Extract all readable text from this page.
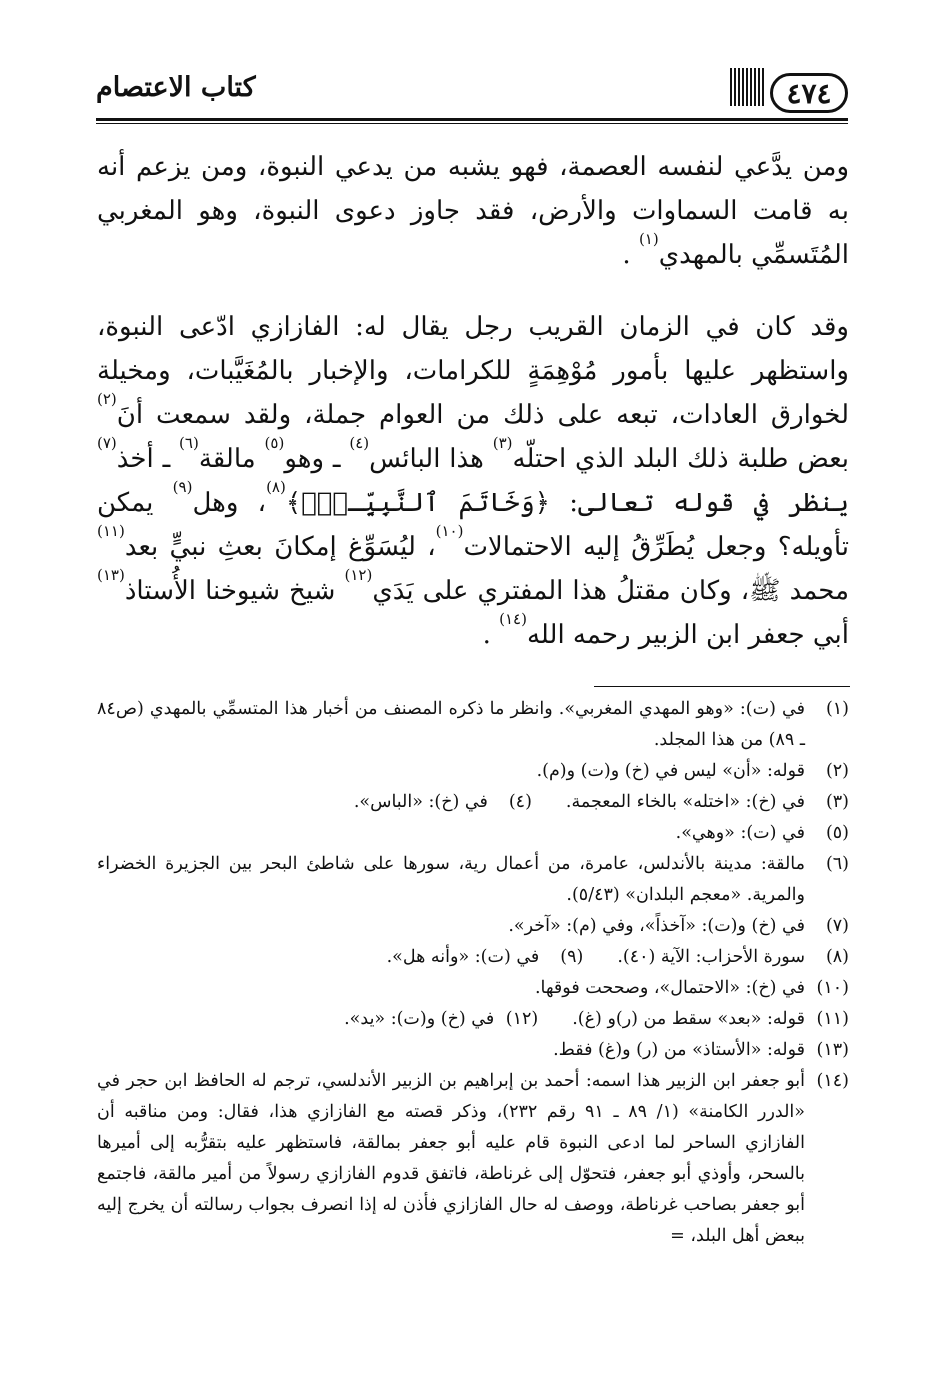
كتاب الاعتصام	٤٧٤

ومن يدَّعي لنفسه العصمة، فهو يشبه من يدعي النبوة، ومن يزعم أنه به قامت السماوات والأرض، فقد جاوز دعوى النبوة، وهو المغربي المُتَسمِّي بالمهدي$^{(١)}$ .

وقد كان في الزمان القريب رجل يقال له: الفازازي ادّعى النبوة، واستظهر عليها بأمور مُوْهِمَةٍ للكرامات، والإخبار بالمُغَيَّبات، ومخيلة لخوارق العادات، تبعه على ذلك من العوام جملة، ولقد سمعت أنَ$^{(٢)}$ بعض طلبة ذلك البلد الذي احتلّه$^{(٣)}$ هذا البائس$^{(٤)}$ ـ وهو$^{(٥)}$ مالقة$^{(٦)}$ ـ أخذ$^{(٧)}$ ينظر في قوله تعالى: ﴿وَخَاتَمَ ٱلنَّبِيِّـنَۗ﴾$^{(٨)}$، وهل$^{(٩)}$ يمكن تأويله؟ وجعل يُطَرِّقُ إليه الاحتمالات$^{(١٠)}$، ليُسَوِّغ إمكانَ بعثِ نبيٍّ بعد$^{(١١)}$ محمد ﷺ، وكان مقتلُ هذا المفتري على يَدَي$^{(١٢)}$ شيخ شيوخنا الأُستاذ$^{(١٣)}$ أبي جعفر ابن الزبير رحمه الله$^{(١٤)}$ .

(١)
في (ت): «وهو المهدي المغربي». وانظر ما ذكره المصنف من أخبار هذا المتسمِّي بالمهدي (ص٨٤ ـ ٨٩) من هذا المجلد.
(٢)
قوله: «أن» ليس في (خ) و(ت) و(م).
(٣)
في (خ): «اختله» بالخاء المعجمة.
(٤)
في (خ): «الباس».
(٥)
في (ت): «وهي».
(٦)
مالقة: مدينة بالأندلس، عامرة، من أعمال رية، سورها على شاطئ البحر بين الجزيرة الخضراء والمرية. «معجم البلدان» (٥/٤٣).
(٧)
في (خ) و(ت): «آخذاً»، وفي (م): «آخر».
(٨)
سورة الأحزاب: الآية (٤٠).
(٩)
في (ت): «وأنه هل».
(١٠)
في (خ): «الاحتمال»، وصححت فوقها.
(١١)
قوله: «بعد» سقط من (ر)و (غ).
(١٢)
في (خ) و(ت): «يد».
(١٣)
قوله: «الأستاذ» من (ر) و(غ) فقط.
(١٤)
أبو جعفر ابن الزبير هذا اسمه: أحمد بن إبراهيم بن الزبير الأندلسي، ترجم له الحافظ ابن حجر في «الدرر الكامنة» (١/ ٨٩ ـ ٩١ رقم ٢٣٢)، وذكر قصته مع الفازازي هذا، فقال: ومن مناقبه أن الفازازي الساحر لما ادعى النبوة قام عليه أبو جعفر بمالقة، فاستظهر عليه بتقرُّبه إلى أميرها بالسحر، وأوذي أبو جعفر، فتحوّل إلى غرناطة، فاتفق قدوم الفازازي رسولاً من أمير مالقة، فاجتمع أبو جعفر بصاحب غرناطة، ووصف له حال الفازازي فأذن له إذا انصرف بجواب رسالته أن يخرج إليه ببعض أهل البلد، =
